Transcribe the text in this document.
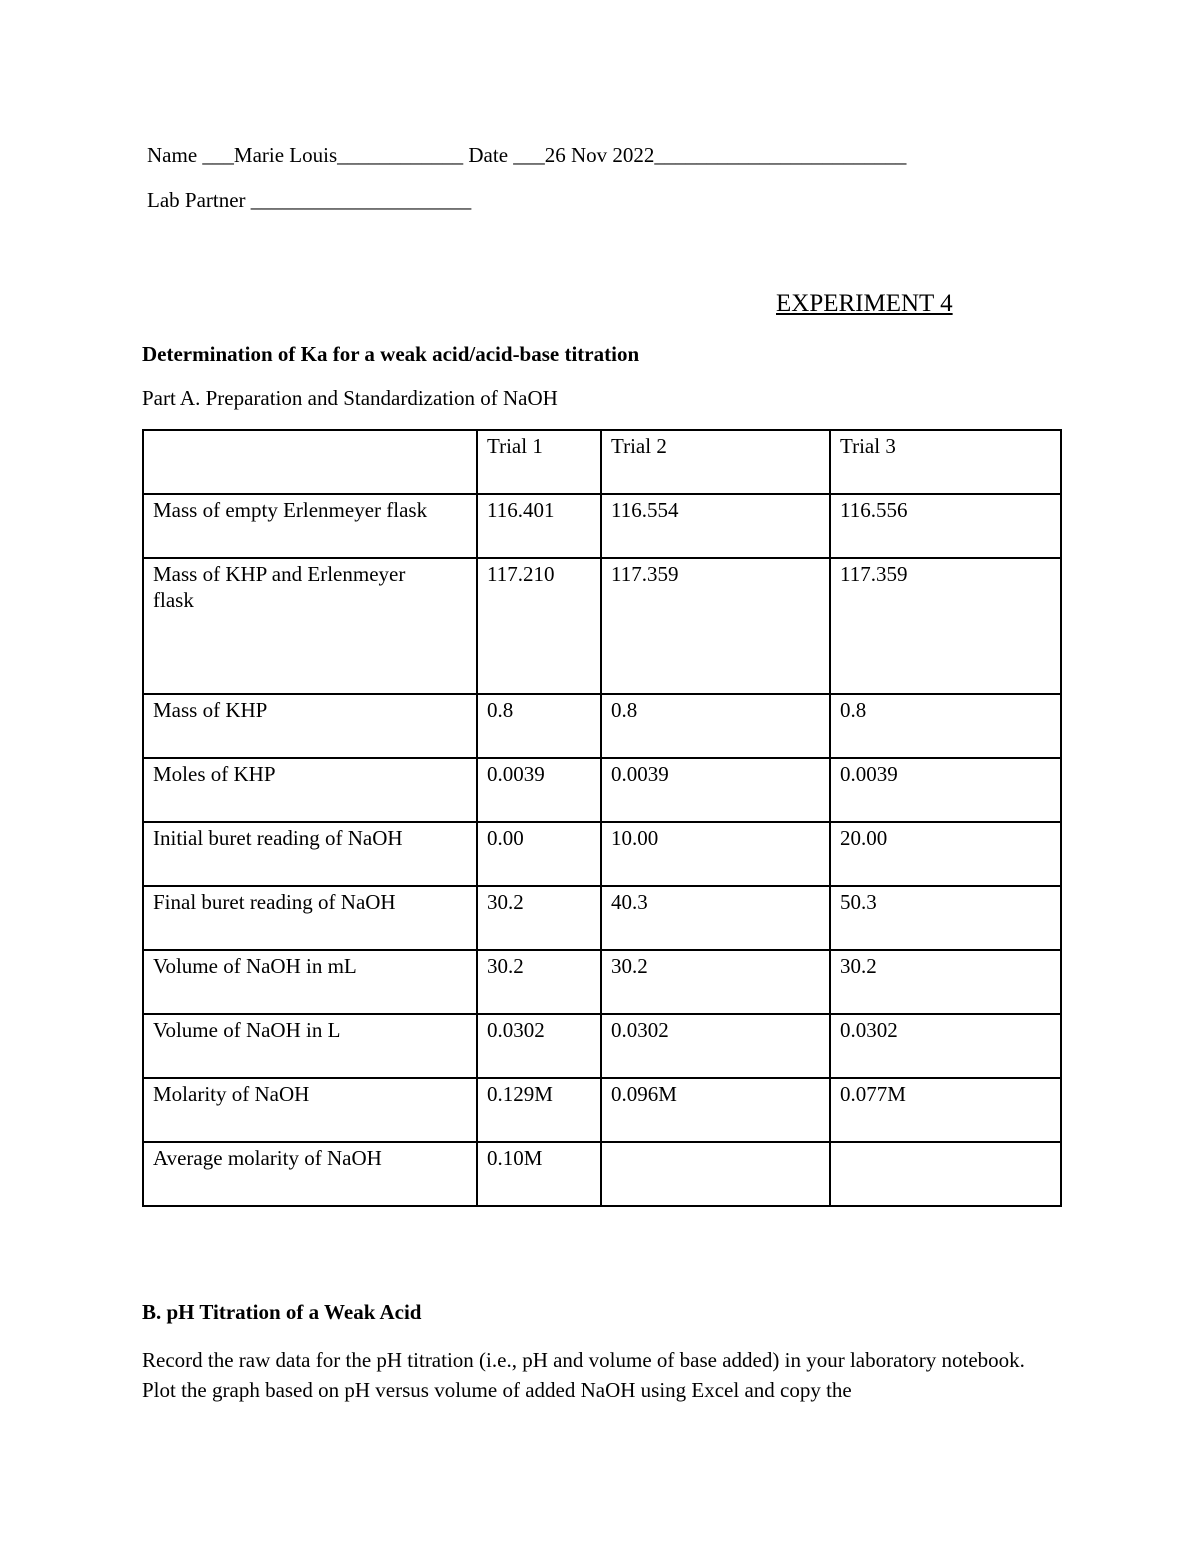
Name ___Marie Louis____________ Date ___26 Nov 2022________________________
Lab Partner _____________________
EXPERIMENT 4
Determination of Ka for a weak acid/acid-base titration
Part A. Preparation and Standardization of NaOH
	Trial 1	Trial 2	Trial 3
Mass of empty Erlenmeyer flask	116.401	116.554	116.556
Mass of KHP and Erlenmeyer
flask	117.210	117.359	117.359
Mass of KHP	0.8	0.8	0.8
Moles of KHP	0.0039	0.0039	0.0039
Initial buret reading of NaOH	0.00	10.00	20.00
Final buret reading of NaOH	30.2	40.3	50.3
Volume of NaOH in mL	30.2	30.2	30.2
Volume of NaOH in L	0.0302	0.0302	0.0302
Molarity of NaOH	0.129M	0.096M	0.077M
Average molarity of NaOH	0.10M		
B. pH Titration of a Weak Acid
Record the raw data for the pH titration (i.e., pH and volume of base added) in your laboratory notebook. Plot the graph based on pH versus volume of added NaOH using Excel and copy the
